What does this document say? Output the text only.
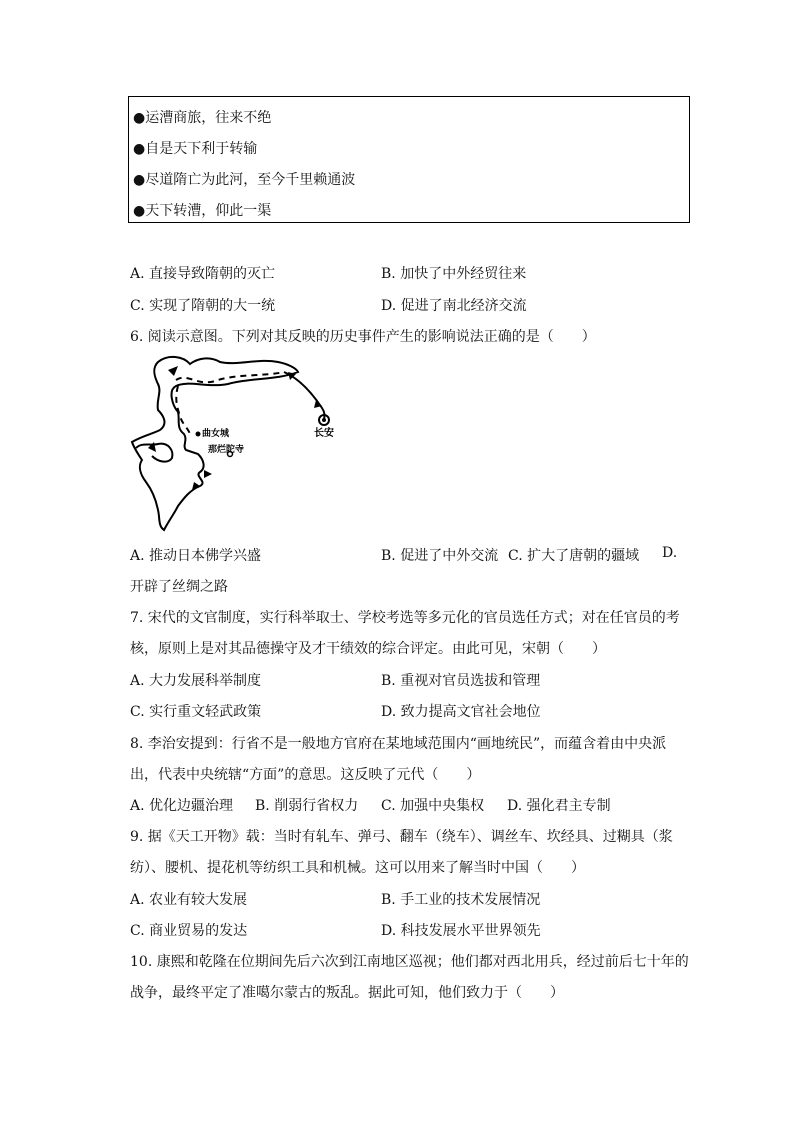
●运漕商旅，往来不绝
●自是天下利于转输
●尽道隋亡为此河，至今千里赖通波
●天下转漕，仰此一渠
A. 直接导致隋朝的灭亡	B. 加快了中外经贸往来
C. 实现了隋朝的大一统	D. 促进了南北经济交流
6. 阅读示意图。下列对其反映的历史事件产生的影响说法正确的是（　　）
长安
曲女城
那烂陀寺
A. 推动日本佛学兴盛	B. 促进了中外交流 C. 扩大了唐朝的疆域 D.
开辟了丝绸之路
7. 宋代的文官制度，实行科举取士、学校考选等多元化的官员选任方式；对在任官员的考
核，原则上是对其品德操守及才干绩效的综合评定。由此可见，宋朝（　　）
A. 大力发展科举制度	B. 重视对官员选拔和管理
C. 实行重文轻武政策	D. 致力提高文官社会地位
8. 李治安提到：行省不是一般地方官府在某地域范围内“画地统民”，而蕴含着由中央派
出，代表中央统辖“方面”的意思。这反映了元代（　　）
A. 优化边疆治理 B. 削弱行省权力 C. 加强中央集权 D. 强化君主专制
9. 据《天工开物》载：当时有轧车、弹弓、翻车（绕车）、调丝车、坎经具、过糊具（浆
纺）、腰机、提花机等纺织工具和机械。这可以用来了解当时中国（　　）
A. 农业有较大发展	B. 手工业的技术发展情况
C. 商业贸易的发达	D. 科技发展水平世界领先
10. 康熙和乾隆在位期间先后六次到江南地区巡视；他们都对西北用兵，经过前后七十年的
战争，最终平定了准噶尔蒙古的叛乱。据此可知，他们致力于（　　）
